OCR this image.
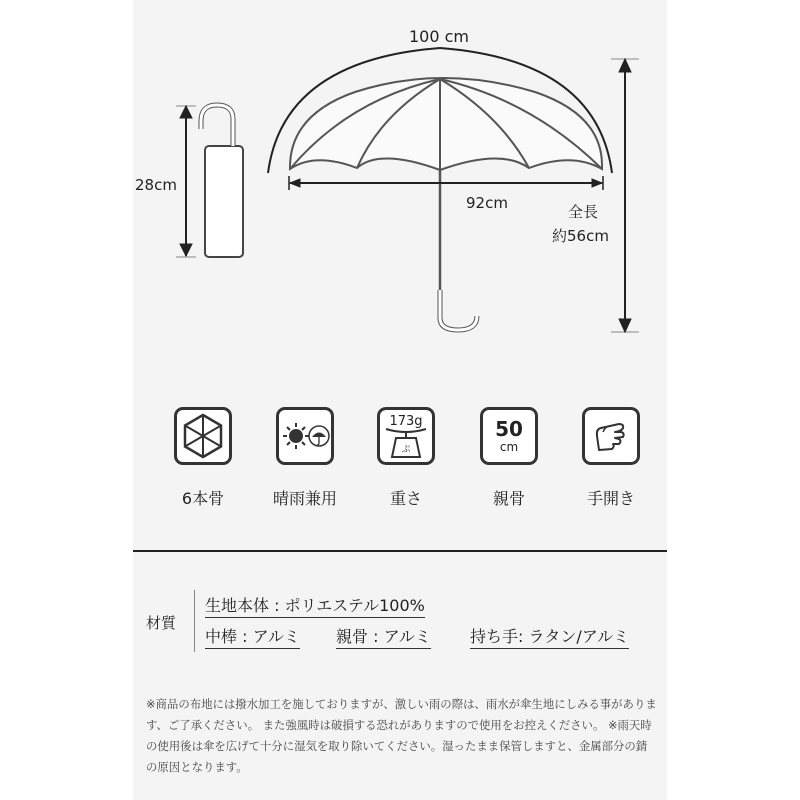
100 cm
28cm
92cm	全長
約56cm
173g
ぷ
50
cm
6本骨	晴雨兼用	重さ	親骨	手開き
材質
生地本体 : ポリエステル100%
中棒 : アルミ 親骨 : アルミ 持ち手: ラタン/アルミ
※商品の布地には撥水加工を施しておりますが、激しい雨の際は、雨水が傘生地にしみる事があります、ご了承ください。 また強風時は破損する恐れがありますので使用をお控えください。 ※雨天時の使用後は傘を広げて十分に湿気を取り除いてください。湿ったまま保管しますと、金属部分の錆の原因となります。
